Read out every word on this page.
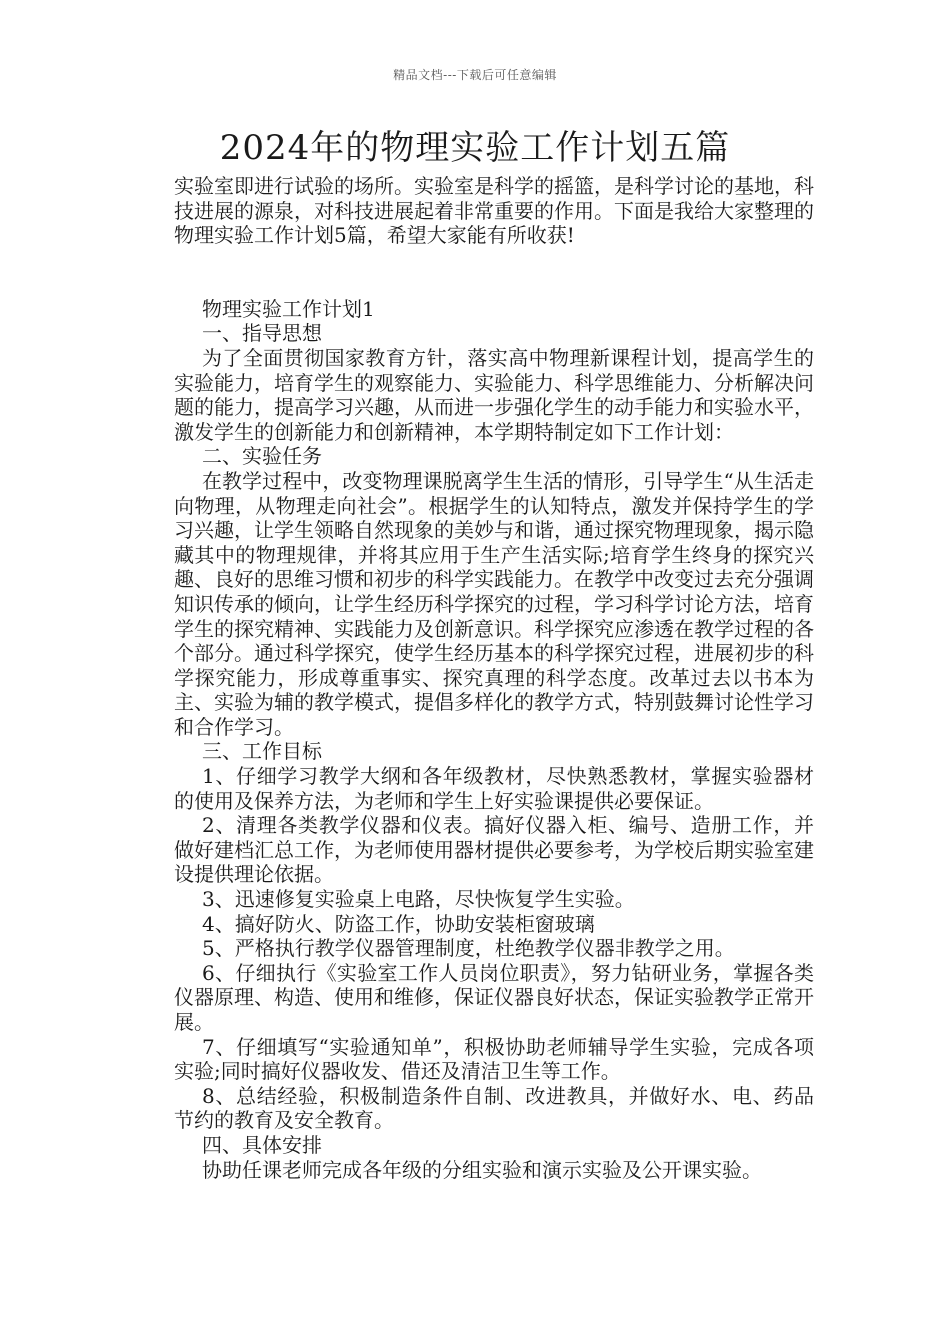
精品文档---下载后可任意编辑
2024年的物理实验工作计划五篇

实验室即进行试验的场所。实验室是科学的摇篮，是科学讨论的基地，科技进展的源泉，对科技进展起着非常重要的作用。下面是我给大家整理的物理实验工作计划5篇，希望大家能有所收获!

物理实验工作计划1

一、指导思想

为了全面贯彻国家教育方针，落实高中物理新课程计划，提高学生的实验能力，培育学生的观察能力、实验能力、科学思维能力、分析解决问题的能力，提高学习兴趣，从而进一步强化学生的动手能力和实验水平，激发学生的创新能力和创新精神，本学期特制定如下工作计划：

二、实验任务

在教学过程中，改变物理课脱离学生生活的情形，引导学生“从生活走向物理，从物理走向社会”。根据学生的认知特点，激发并保持学生的学习兴趣，让学生领略自然现象的美妙与和谐，通过探究物理现象，揭示隐藏其中的物理规律，并将其应用于生产生活实际;培育学生终身的探究兴趣、良好的思维习惯和初步的科学实践能力。在教学中改变过去充分强调知识传承的倾向，让学生经历科学探究的过程，学习科学讨论方法，培育学生的探究精神、实践能力及创新意识。科学探究应渗透在教学过程的各个部分。通过科学探究，使学生经历基本的科学探究过程，进展初步的科学探究能力，形成尊重事实、探究真理的科学态度。改革过去以书本为主、实验为辅的教学模式，提倡多样化的教学方式，特别鼓舞讨论性学习和合作学习。

三、工作目标

1、仔细学习教学大纲和各年级教材，尽快熟悉教材，掌握实验器材的使用及保养方法，为老师和学生上好实验课提供必要保证。

2、清理各类教学仪器和仪表。搞好仪器入柜、编号、造册工作，并做好建档汇总工作，为老师使用器材提供必要参考，为学校后期实验室建设提供理论依据。

3、迅速修复实验桌上电路，尽快恢复学生实验。

4、搞好防火、防盗工作，协助安装柜窗玻璃

5、严格执行教学仪器管理制度，杜绝教学仪器非教学之用。

6、仔细执行《实验室工作人员岗位职责》，努力钻研业务，掌握各类仪器原理、构造、使用和维修，保证仪器良好状态，保证实验教学正常开展。

7、仔细填写“实验通知单”，积极协助老师辅导学生实验，完成各项实验;同时搞好仪器收发、借还及清洁卫生等工作。

8、总结经验，积极制造条件自制、改进教具，并做好水、电、药品节约的教育及安全教育。

四、具体安排

协助任课老师完成各年级的分组实验和演示实验及公开课实验。
